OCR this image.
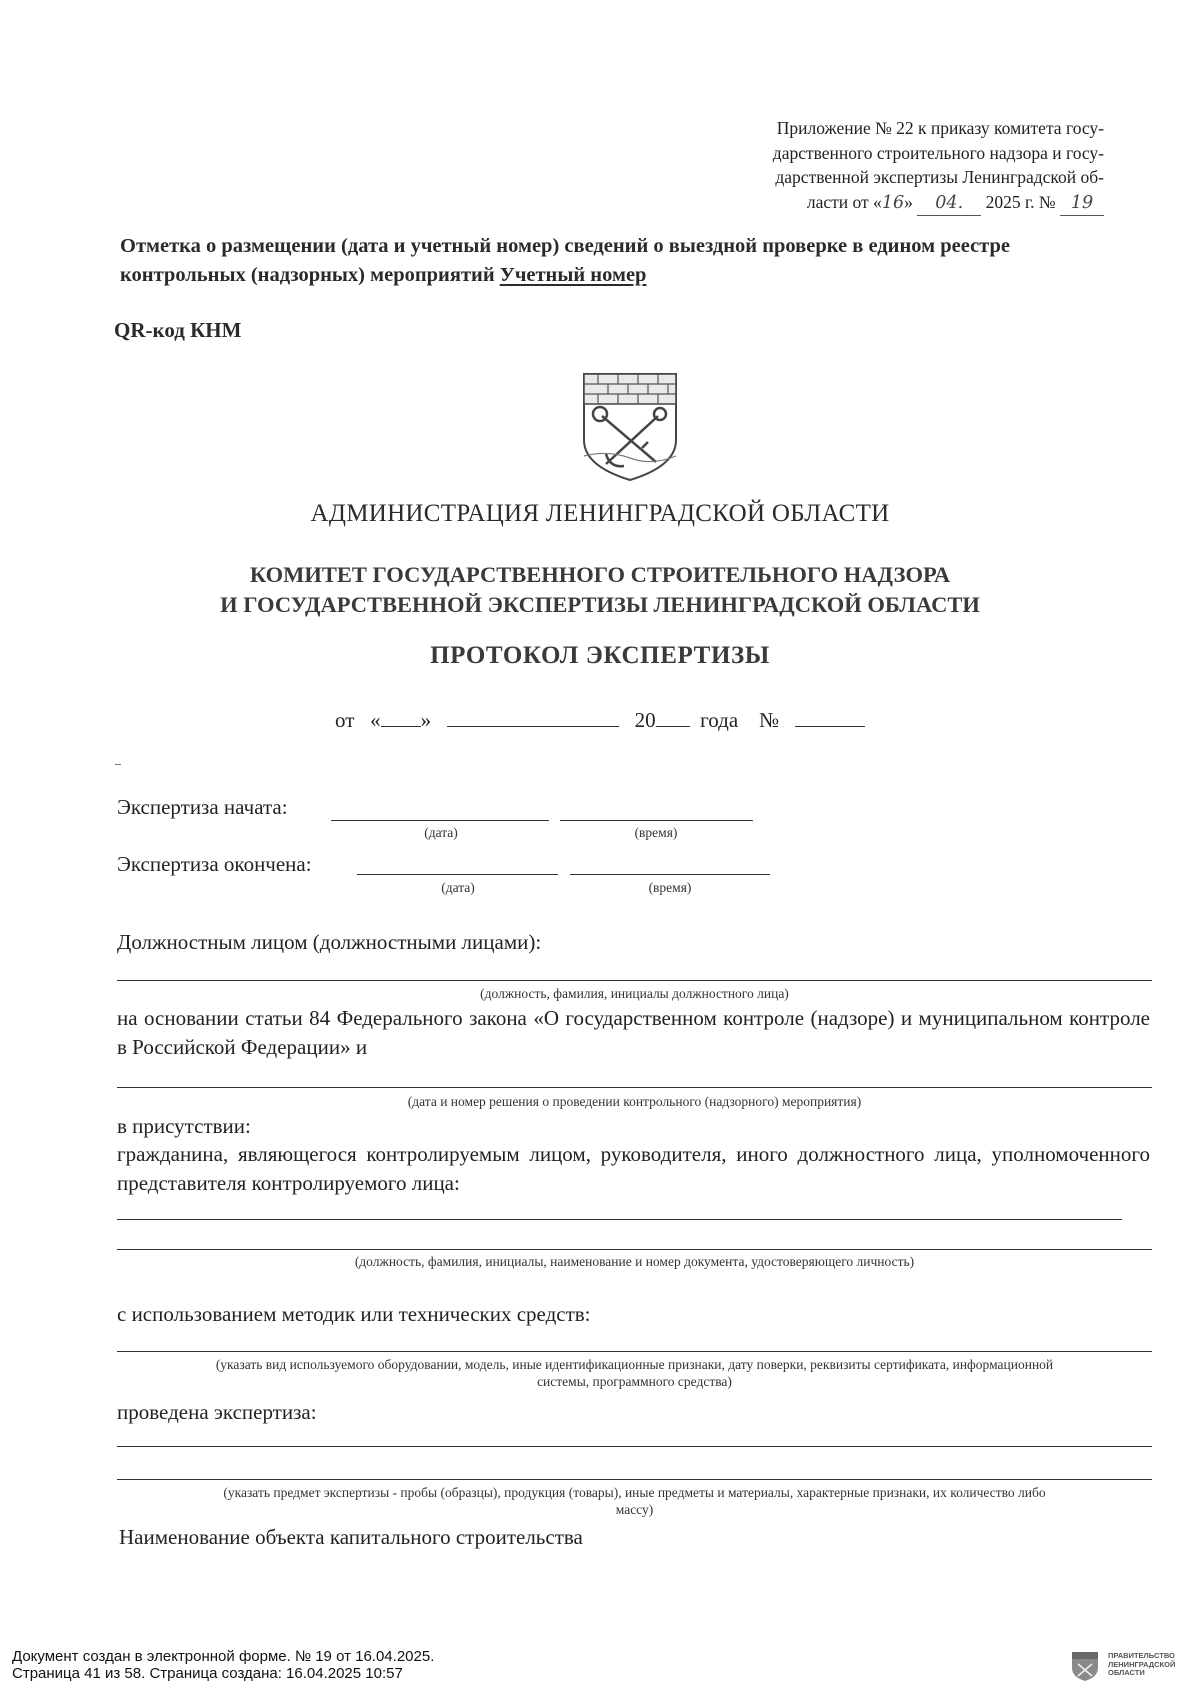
Приложение № 22 к приказу комитета госу-
дарственного строительного надзора и госу-
дарственной экспертизы Ленинградской об-
ласти от «16» 04. 2025 г. № 19
Отметка о размещении (дата и учетный номер) сведений о выездной проверке в едином реестре контрольных (надзорных) мероприятий Учетный номер
QR-код КНМ
АДМИНИСТРАЦИЯ ЛЕНИНГРАДСКОЙ ОБЛАСТИ
КОМИТЕТ ГОСУДАРСТВЕННОГО СТРОИТЕЛЬНОГО НАДЗОРА
И ГОСУДАРСТВЕННОЙ ЭКСПЕРТИЗЫ ЛЕНИНГРАДСКОЙ ОБЛАСТИ
ПРОТОКОЛ ЭКСПЕРТИЗЫ
от « »	20 года №
Экспертиза начата:
(дата)	(время)
Экспертиза окончена:
(дата)	(время)
Должностным лицом (должностными лицами):
(должность, фамилия, инициалы должностного лица)
на основании статьи 84 Федерального закона «О государственном контроле (надзоре) и муниципальном контроле в Российской Федерации» и
(дата и номер решения о проведении контрольного (надзорного) мероприятия)
в присутствии:
гражданина, являющегося контролируемым лицом, руководителя, иного должностного лица, уполномоченного представителя контролируемого лица:
(должность, фамилия, инициалы, наименование и номер документа, удостоверяющего личность)
с использованием методик или технических средств:
(указать вид используемого оборудовании, модель, иные идентификационные признаки, дату поверки, реквизиты сертификата, информационной
системы, программного средства)
проведена экспертиза:
(указать предмет экспертизы - пробы (образцы), продукция (товары), иные предметы и материалы, характерные признаки, их количество либо
массу)
Наименование объекта капитального строительства
Документ создан в электронной форме. № 19 от 16.04.2025.
Страница 41 из 58. Страница создана: 16.04.2025 10:57
ПРАВИТЕЛЬСТВО
ЛЕНИНГРАДСКОЙ
ОБЛАСТИ
